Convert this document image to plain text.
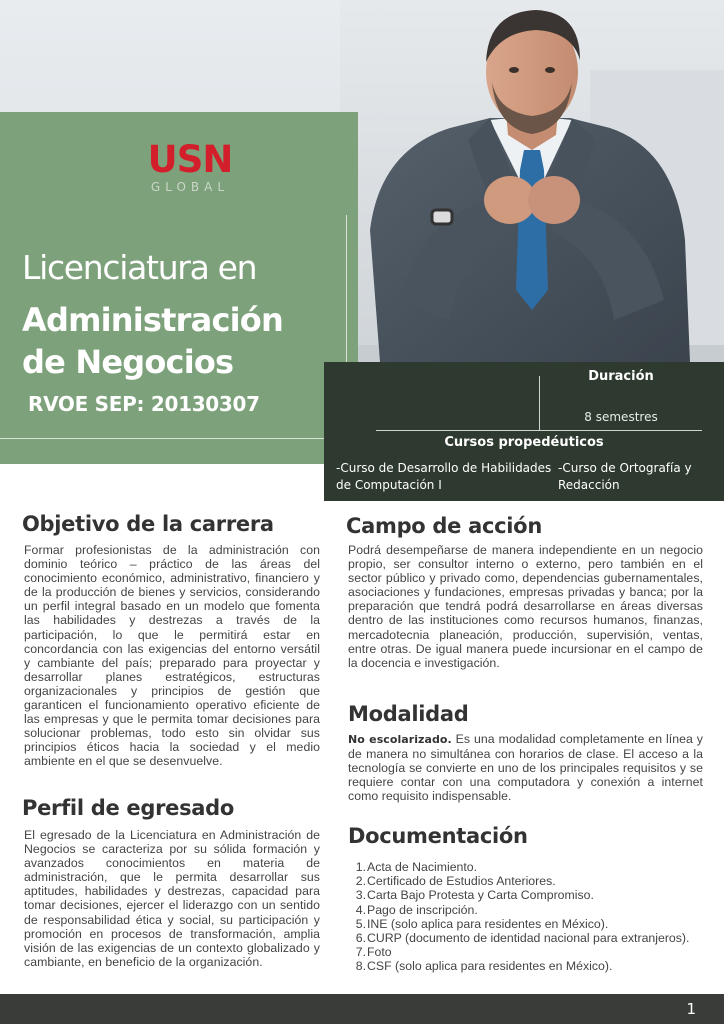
USN
GLOBAL
Licenciatura en
Administración
de Negocios
RVOE SEP: 20130307
Duración
8 semestres
Cursos propedéuticos
-Curso de Desarrollo de Habilidades de Computación I
-Curso de Ortografía y Redacción
Objetivo de la carrera
Formar profesionistas de la administración con dominio teórico – práctico de las áreas del conocimiento económico, administrativo, financiero y de la producción de bienes y servicios, considerando un perfil integral basado en un modelo que fomenta las habilidades y destrezas a través de la participación, lo que le permitirá estar en concordancia con las exigencias del entorno versátil y cambiante del país; preparado para proyectar y desarrollar planes estratégicos, estructuras organizacionales y principios de gestión que garanticen el funcionamiento operativo eficiente de las empresas y que le permita tomar decisiones para solucionar problemas, todo esto sin olvidar sus principios éticos hacia la sociedad y el medio ambiente en el que se desenvuelve.
Perfil de egresado
El egresado de la Licenciatura en Administración de Negocios se caracteriza por su sólida formación y avanzados conocimientos en materia de administración, que le permita desarrollar sus aptitudes, habilidades y destrezas, capacidad para tomar decisiones, ejercer el liderazgo con un sentido de responsabilidad ética y social, su participación y promoción en procesos de transformación, amplia visión de las exigencias de un contexto globalizado y cambiante, en beneficio de la organización.
Campo de acción
Podrá desempeñarse de manera independiente en un negocio propio, ser consultor interno o externo, pero también en el sector público y privado como, dependencias gubernamentales, asociaciones y fundaciones, empresas privadas y banca; por la preparación que tendrá podrá desarrollarse en áreas diversas dentro de las instituciones como recursos humanos, finanzas, mercadotecnia planeación, producción, supervisión, ventas, entre otras. De igual manera puede incursionar en el campo de la docencia e investigación.
Modalidad
No escolarizado. Es una modalidad completamente en línea y de manera no simultánea con horarios de clase. El acceso a la tecnología se convierte en uno de los principales requisitos y se requiere contar con una computadora y conexión a internet como requisito indispensable.
Documentación
1. Acta de Nacimiento.
2. Certificado de Estudios Anteriores.
3. Carta Bajo Protesta y Carta Compromiso.
4. Pago de inscripción.
5. INE (solo aplica para residentes en México).
6. CURP (documento de identidad nacional para extranjeros).
7. Foto
8. CSF (solo aplica para residentes en México).
1
